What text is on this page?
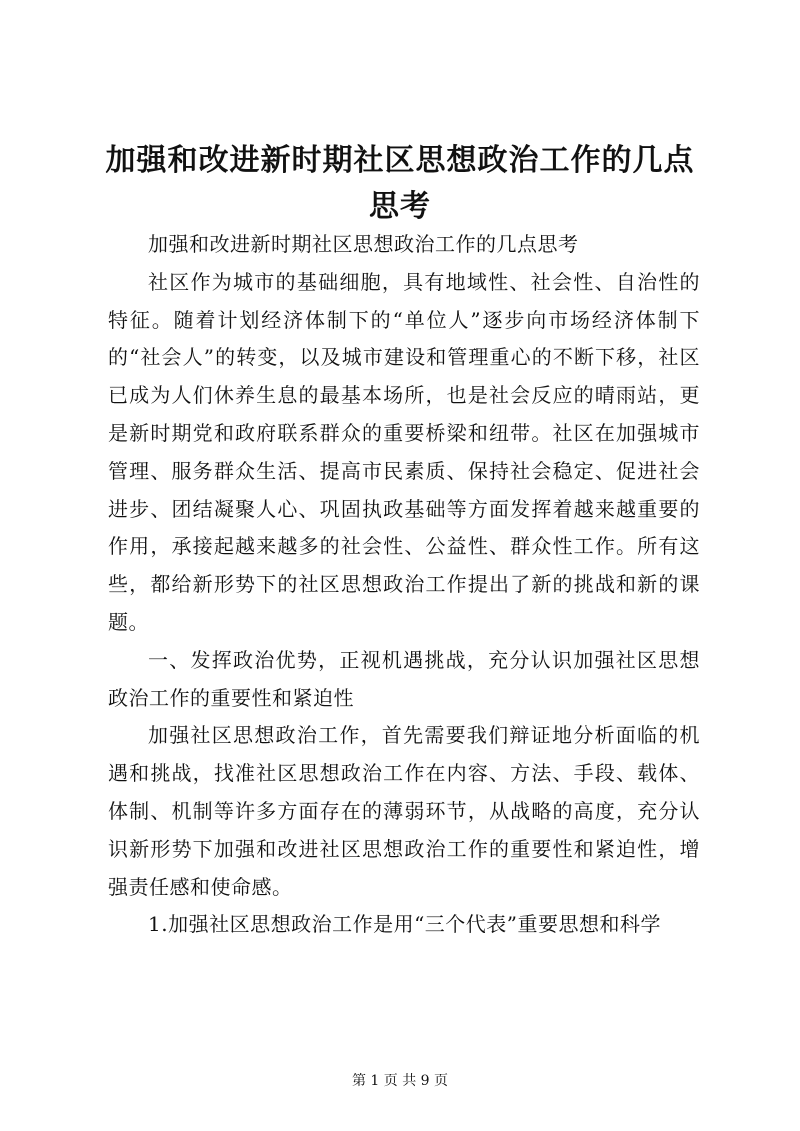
加强和改进新时期社区思想政治工作的几点思考

加强和改进新时期社区思想政治工作的几点思考

社区作为城市的基础细胞，具有地域性、社会性、自治性的特征。随着计划经济体制下的“单位人”逐步向市场经济体制下的“社会人”的转变，以及城市建设和管理重心的不断下移，社区已成为人们休养生息的最基本场所，也是社会反应的晴雨站，更是新时期党和政府联系群众的重要桥梁和纽带。社区在加强城市管理、服务群众生活、提高市民素质、保持社会稳定、促进社会进步、团结凝聚人心、巩固执政基础等方面发挥着越来越重要的作用，承接起越来越多的社会性、公益性、群众性工作。所有这些，都给新形势下的社区思想政治工作提出了新的挑战和新的课题。

一、发挥政治优势，正视机遇挑战，充分认识加强社区思想政治工作的重要性和紧迫性

加强社区思想政治工作，首先需要我们辩证地分析面临的机遇和挑战，找准社区思想政治工作在内容、方法、手段、载体、体制、机制等许多方面存在的薄弱环节，从战略的高度，充分认识新形势下加强和改进社区思想政治工作的重要性和紧迫性，增强责任感和使命感。

1.加强社区思想政治工作是用“三个代表”重要思想和科学

第 1 页 共 9 页
